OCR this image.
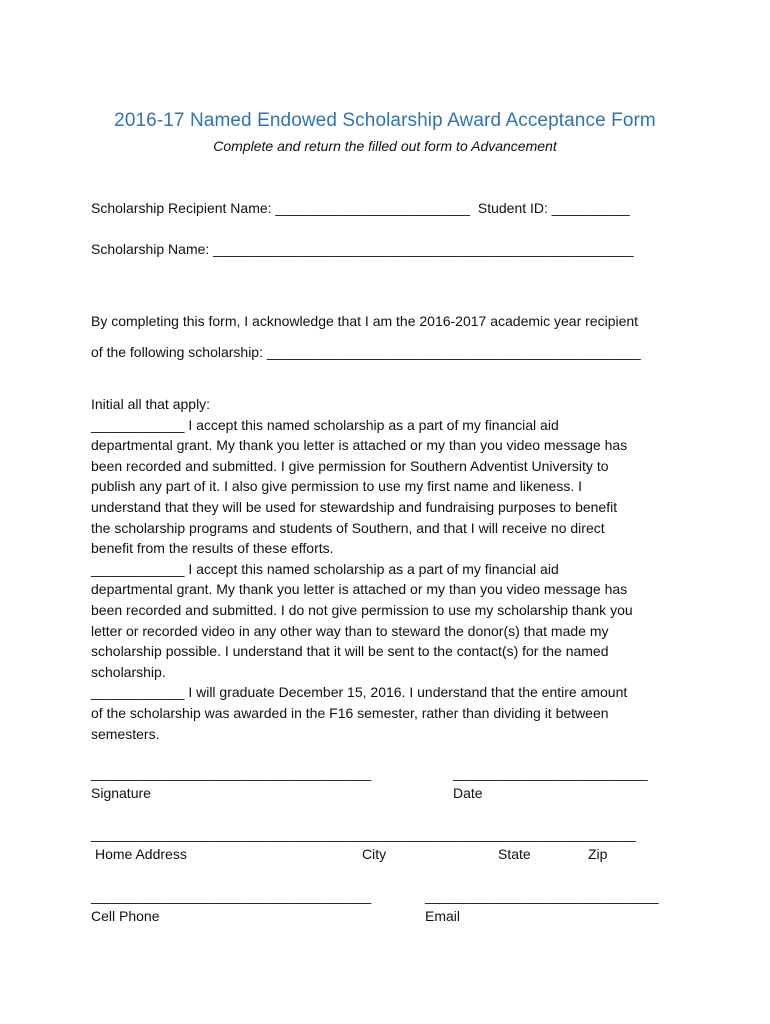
2016-17 Named Endowed Scholarship Award Acceptance Form
Complete and return the filled out form to Advancement
Scholarship Recipient Name: _________________________  Student ID: __________
Scholarship Name: ______________________________________________________
By completing this form, I acknowledge that I am the 2016-2017 academic year recipient
of the following scholarship: ________________________________________________
Initial all that apply:
____________ I accept this named scholarship as a part of my financial aid
departmental grant. My thank you letter is attached or my than you video message has
been recorded and submitted. I give permission for Southern Adventist University to
publish any part of it. I also give permission to use my first name and likeness. I
understand that they will be used for stewardship and fundraising purposes to benefit
the scholarship programs and students of Southern, and that I will receive no direct
benefit from the results of these efforts.
____________ I accept this named scholarship as a part of my financial aid
departmental grant. My thank you letter is attached or my than you video message has
been recorded and submitted. I do not give permission to use my scholarship thank you
letter or recorded video in any other way than to steward the donor(s) that made my
scholarship possible. I understand that it will be sent to the contact(s) for the named
scholarship.
____________ I will graduate December 15, 2016. I understand that the entire amount
of the scholarship was awarded in the F16 semester, rather than dividing it between
semesters.
____________________________________
Signature
_________________________
Date
______________________________________________________________________
Home Address	City	State	Zip
____________________________________
Cell Phone
______________________________
Email
